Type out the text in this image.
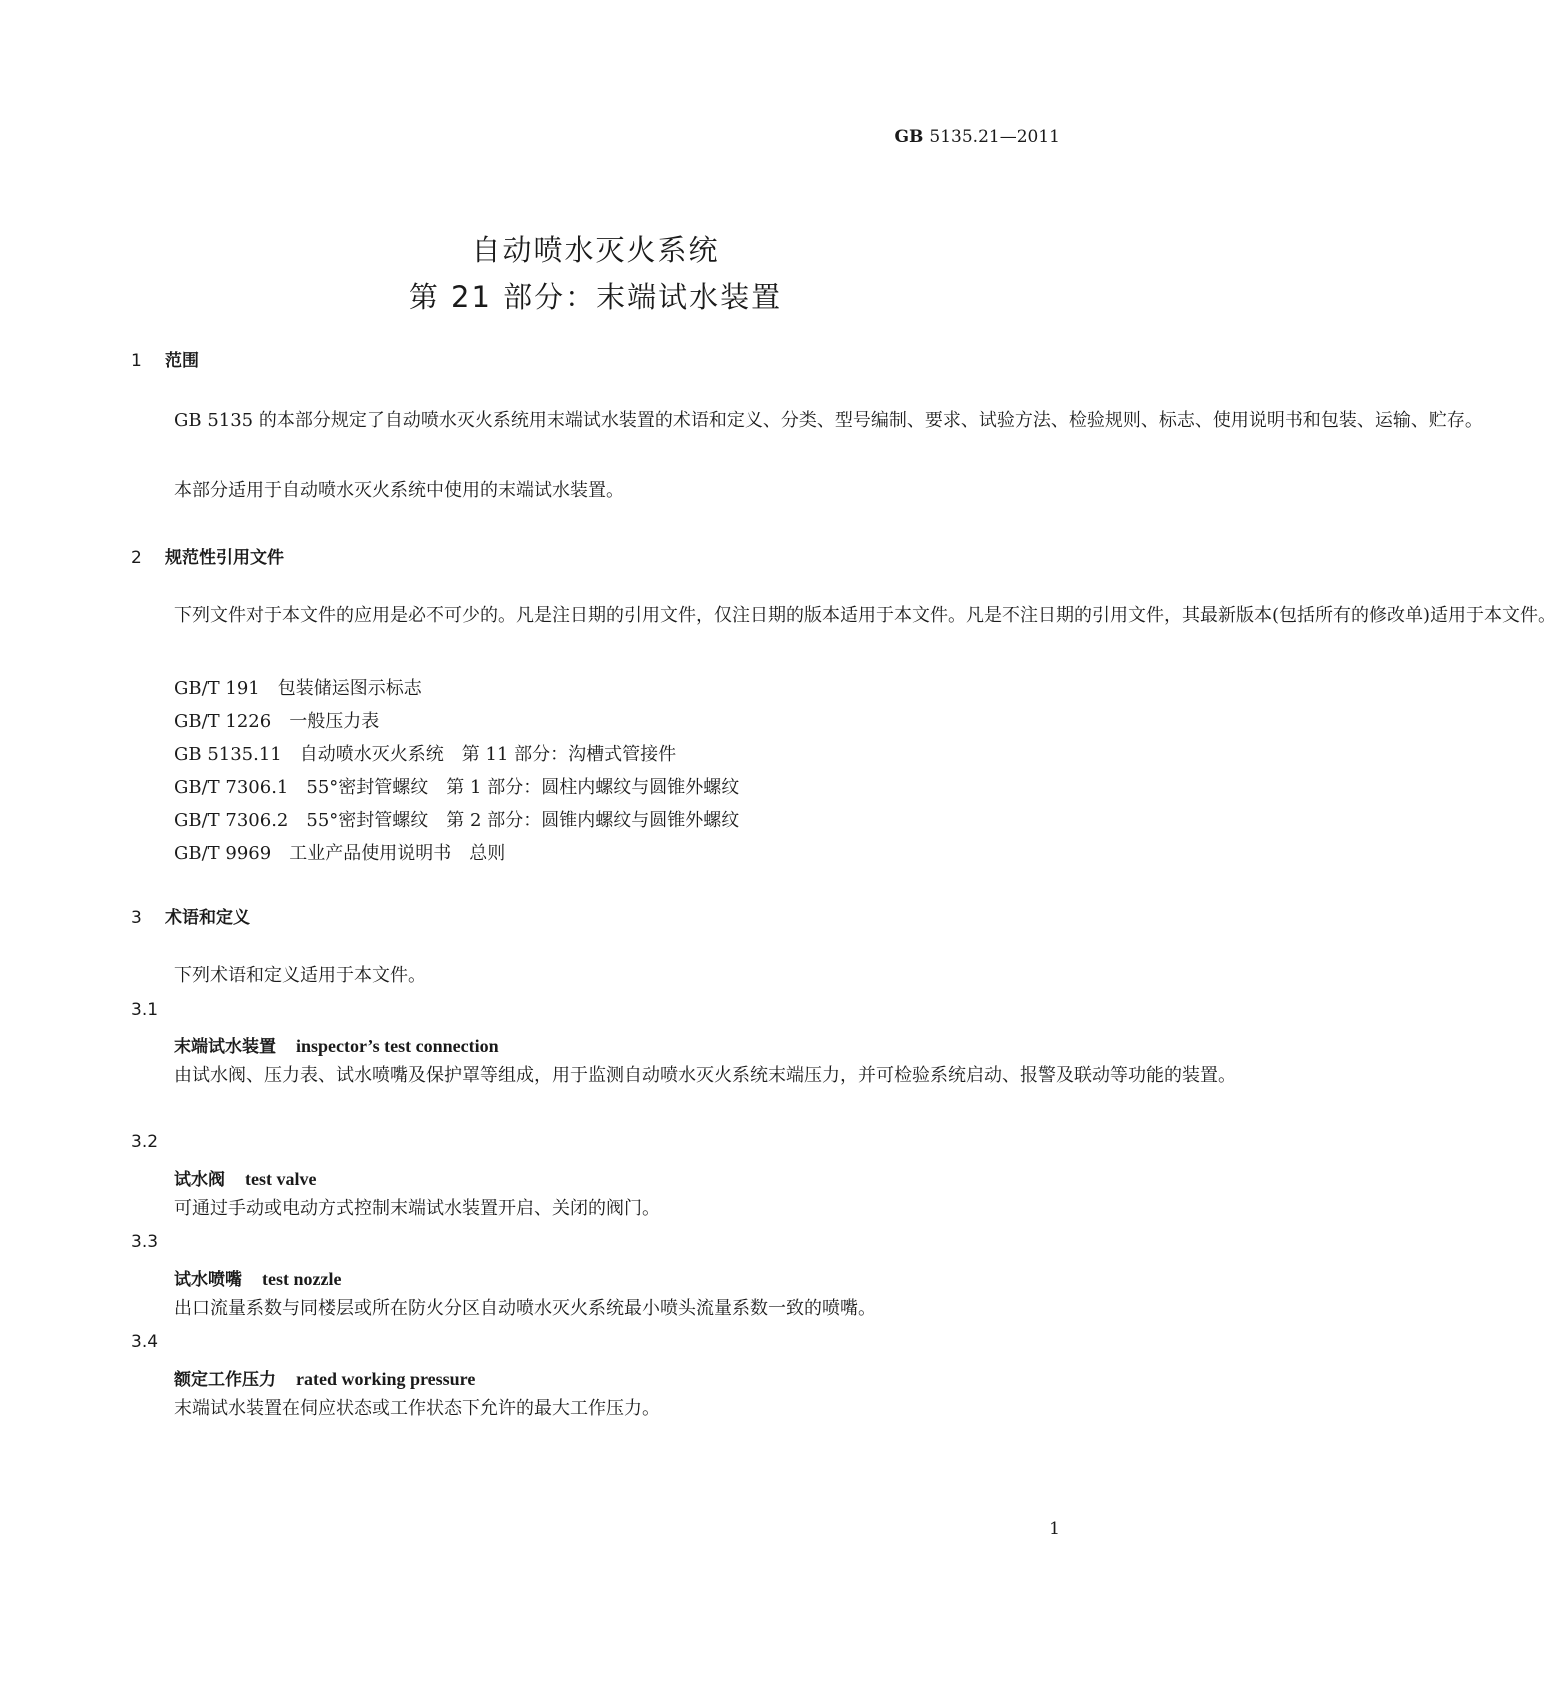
GB 5135.21—2011
自动喷水灭火系统
第 21 部分：末端试水装置
1 范围
GB 5135 的本部分规定了自动喷水灭火系统用末端试水装置的术语和定义、分类、型号编制、要求、试验方法、检验规则、标志、使用说明书和包装、运输、贮存。
本部分适用于自动喷水灭火系统中使用的末端试水装置。
2 规范性引用文件
下列文件对于本文件的应用是必不可少的。凡是注日期的引用文件，仅注日期的版本适用于本文件。凡是不注日期的引用文件，其最新版本(包括所有的修改单)适用于本文件。
GB/T 191 包装储运图示标志
GB/T 1226 一般压力表
GB 5135.11 自动喷水灭火系统　第 11 部分：沟槽式管接件
GB/T 7306.1 55°密封管螺纹　第 1 部分：圆柱内螺纹与圆锥外螺纹
GB/T 7306.2 55°密封管螺纹　第 2 部分：圆锥内螺纹与圆锥外螺纹
GB/T 9969 工业产品使用说明书　总则
3 术语和定义
下列术语和定义适用于本文件。
3.1
末端试水装置 inspector’s test connection
由试水阀、压力表、试水喷嘴及保护罩等组成，用于监测自动喷水灭火系统末端压力，并可检验系统启动、报警及联动等功能的装置。
3.2
试水阀 test valve
可通过手动或电动方式控制末端试水装置开启、关闭的阀门。
3.3
试水喷嘴 test nozzle
出口流量系数与同楼层或所在防火分区自动喷水灭火系统最小喷头流量系数一致的喷嘴。
3.4
额定工作压力 rated working pressure
末端试水装置在伺应状态或工作状态下允许的最大工作压力。
1
